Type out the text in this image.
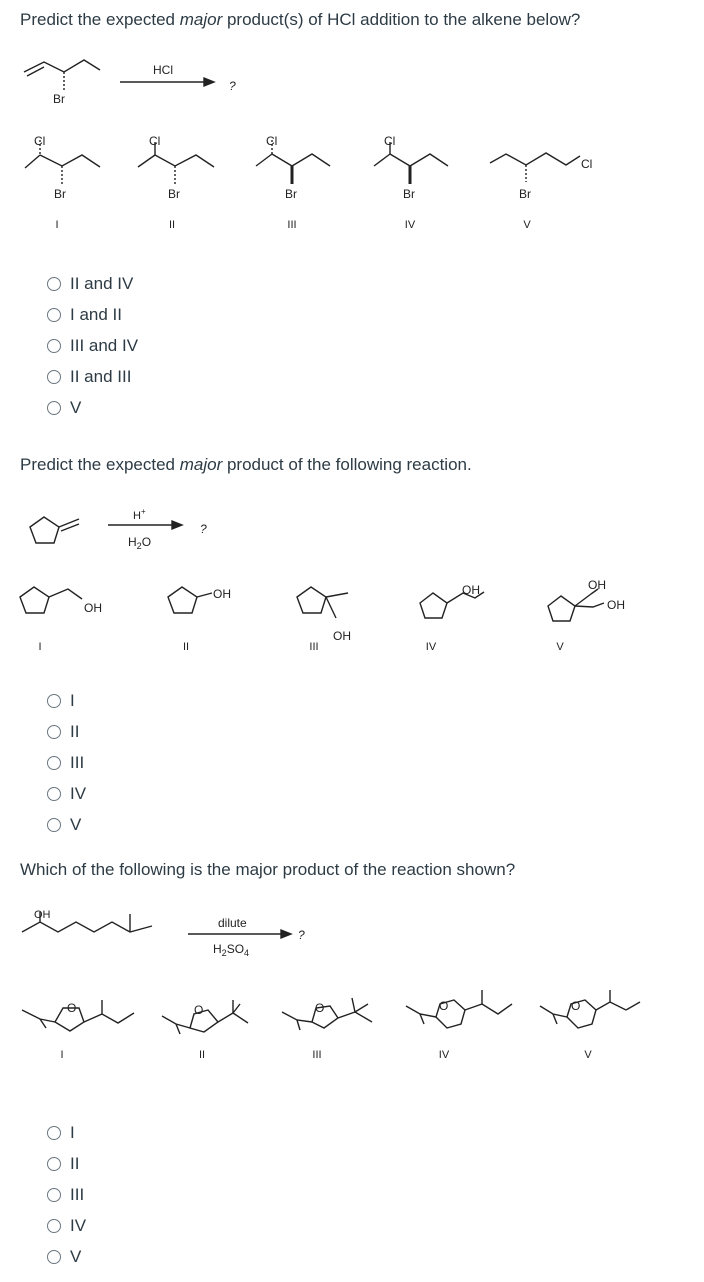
Predict the expected major product(s) of HCl addition to the alkene below?
HCl
?
Br
Cl
Br
Cl
Br
Cl
Br
Cl
Br
Cl
Br
I	II	III	IV	V
II and IV
I and II
III and IV
II and III
V
Predict the expected major product of the following reaction.
H+
$H_2O$
?
OH
OH
OH
OH	OH
OH
I	II	III	IV	V
I
II
III
IV
V
Which of the following is the major product of the reaction shown?
OH
dilute
$H_2SO_4$
?
O	O	O	O	O
I	II	III	IV	V
I
II
III
IV
V
